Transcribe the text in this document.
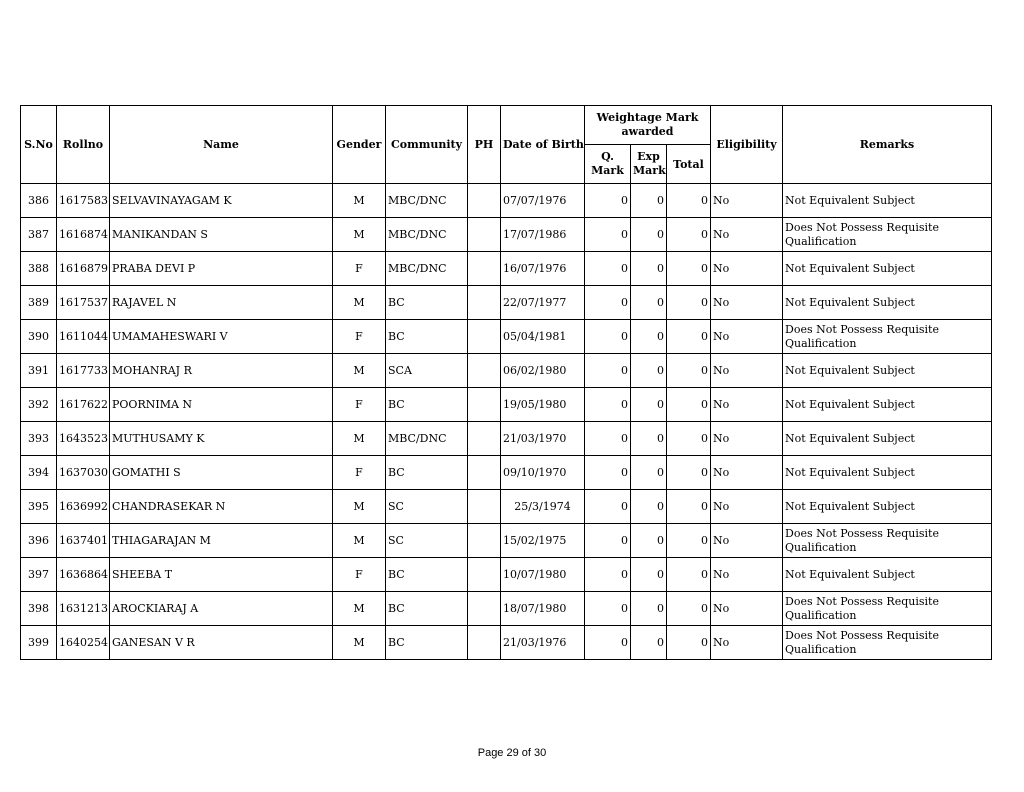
S.No	Rollno	Name	Gender	Community	PH	Date of Birth	Weightage Mark awarded			Eligibility	Remarks
							Q. Mark	Exp Mark	Total		
386	1617583	SELVAVINAYAGAM K	M	MBC/DNC		07/07/1976	0	0	0	No	Not Equivalent Subject
387	1616874	MANIKANDAN S	M	MBC/DNC		17/07/1986	0	0	0	No	Does Not Possess Requisite Qualification
388	1616879	PRABA DEVI P	F	MBC/DNC		16/07/1976	0	0	0	No	Not Equivalent Subject
389	1617537	RAJAVEL N	M	BC		22/07/1977	0	0	0	No	Not Equivalent Subject
390	1611044	UMAMAHESWARI V	F	BC		05/04/1981	0	0	0	No	Does Not Possess Requisite Qualification
391	1617733	MOHANRAJ R	M	SCA		06/02/1980	0	0	0	No	Not Equivalent Subject
392	1617622	POORNIMA N	F	BC		19/05/1980	0	0	0	No	Not Equivalent Subject
393	1643523	MUTHUSAMY K	M	MBC/DNC		21/03/1970	0	0	0	No	Not Equivalent Subject
394	1637030	GOMATHI S	F	BC		09/10/1970	0	0	0	No	Not Equivalent Subject
395	1636992	CHANDRASEKAR N	M	SC		25/3/1974	0	0	0	No	Not Equivalent Subject
396	1637401	THIAGARAJAN M	M	SC		15/02/1975	0	0	0	No	Does Not Possess Requisite Qualification
397	1636864	SHEEBA T	F	BC		10/07/1980	0	0	0	No	Not Equivalent Subject
398	1631213	AROCKIARAJ A	M	BC		18/07/1980	0	0	0	No	Does Not Possess Requisite Qualification
399	1640254	GANESAN V R	M	BC		21/03/1976	0	0	0	No	Does Not Possess Requisite Qualification
Page 29 of 30
